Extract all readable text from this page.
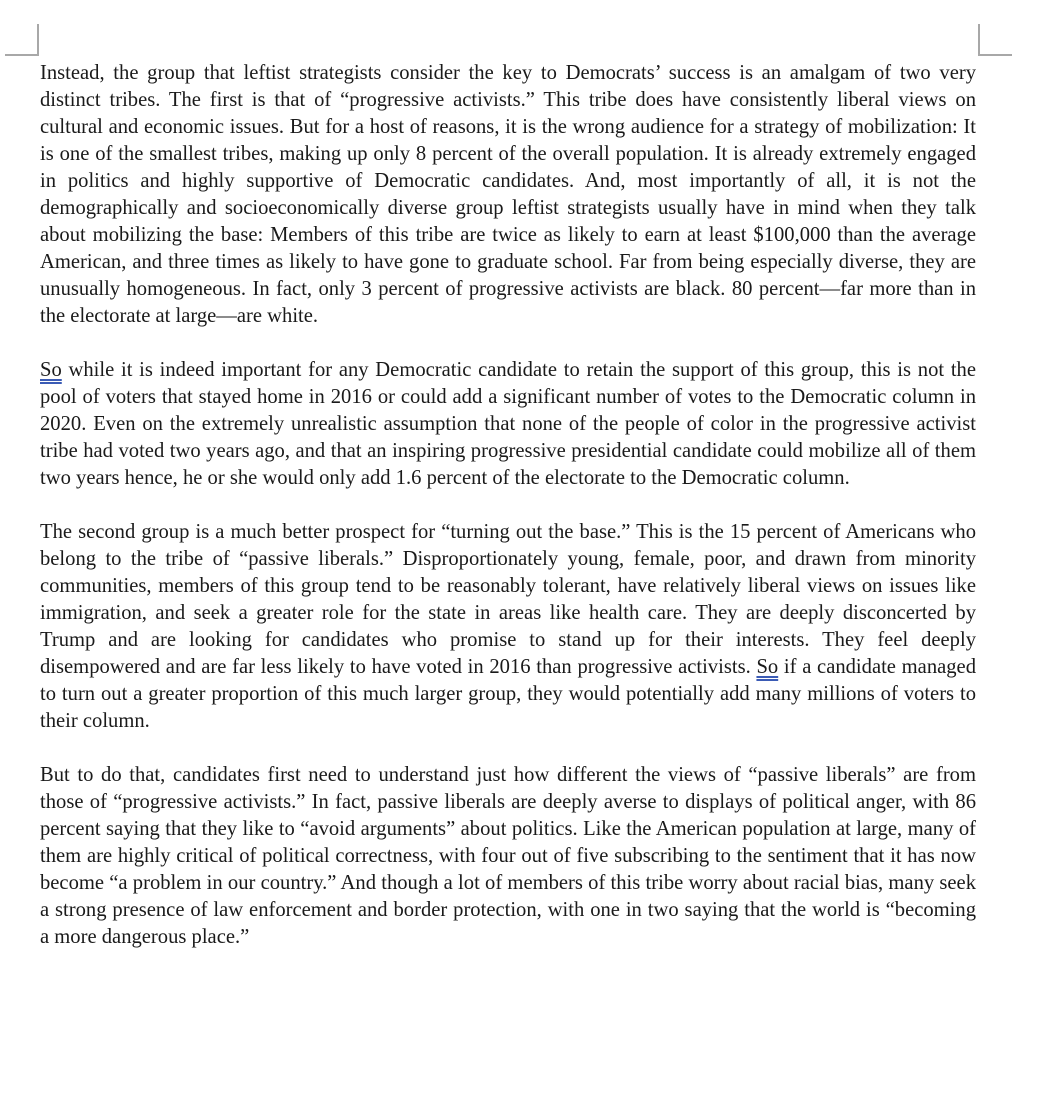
Instead, the group that leftist strategists consider the key to Democrats’ success is an amalgam of two very distinct tribes. The first is that of “progressive activists.” This tribe does have consistently liberal views on cultural and economic issues. But for a host of reasons, it is the wrong audience for a strategy of mobilization: It is one of the smallest tribes, making up only 8 percent of the overall population. It is already extremely engaged in politics and highly supportive of Democratic candidates. And, most importantly of all, it is not the demographically and socioeconomically diverse group leftist strategists usually have in mind when they talk about mobilizing the base: Members of this tribe are twice as likely to earn at least $100,000 than the average American, and three times as likely to have gone to graduate school. Far from being especially diverse, they are unusually homogeneous. In fact, only 3 percent of progressive activists are black. 80 percent—far more than in the electorate at large—are white.

So while it is indeed important for any Democratic candidate to retain the support of this group, this is not the pool of voters that stayed home in 2016 or could add a significant number of votes to the Democratic column in 2020. Even on the extremely unrealistic assumption that none of the people of color in the progressive activist tribe had voted two years ago, and that an inspiring progressive presidential candidate could mobilize all of them two years hence, he or she would only add 1.6 percent of the electorate to the Democratic column.

The second group is a much better prospect for “turning out the base.” This is the 15 percent of Americans who belong to the tribe of “passive liberals.” Disproportionately young, female, poor, and drawn from minority communities, members of this group tend to be reasonably tolerant, have relatively liberal views on issues like immigration, and seek a greater role for the state in areas like health care. They are deeply disconcerted by Trump and are looking for candidates who promise to stand up for their interests. They feel deeply disempowered and are far less likely to have voted in 2016 than progressive activists. So if a candidate managed to turn out a greater proportion of this much larger group, they would potentially add many millions of voters to their column.

But to do that, candidates first need to understand just how different the views of “passive liberals” are from those of “progressive activists.” In fact, passive liberals are deeply averse to displays of political anger, with 86 percent saying that they like to “avoid arguments” about politics. Like the American population at large, many of them are highly critical of political correctness, with four out of five subscribing to the sentiment that it has now become “a problem in our country.” And though a lot of members of this tribe worry about racial bias, many seek a strong presence of law enforcement and border protection, with one in two saying that the world is “becoming a more dangerous place.”
